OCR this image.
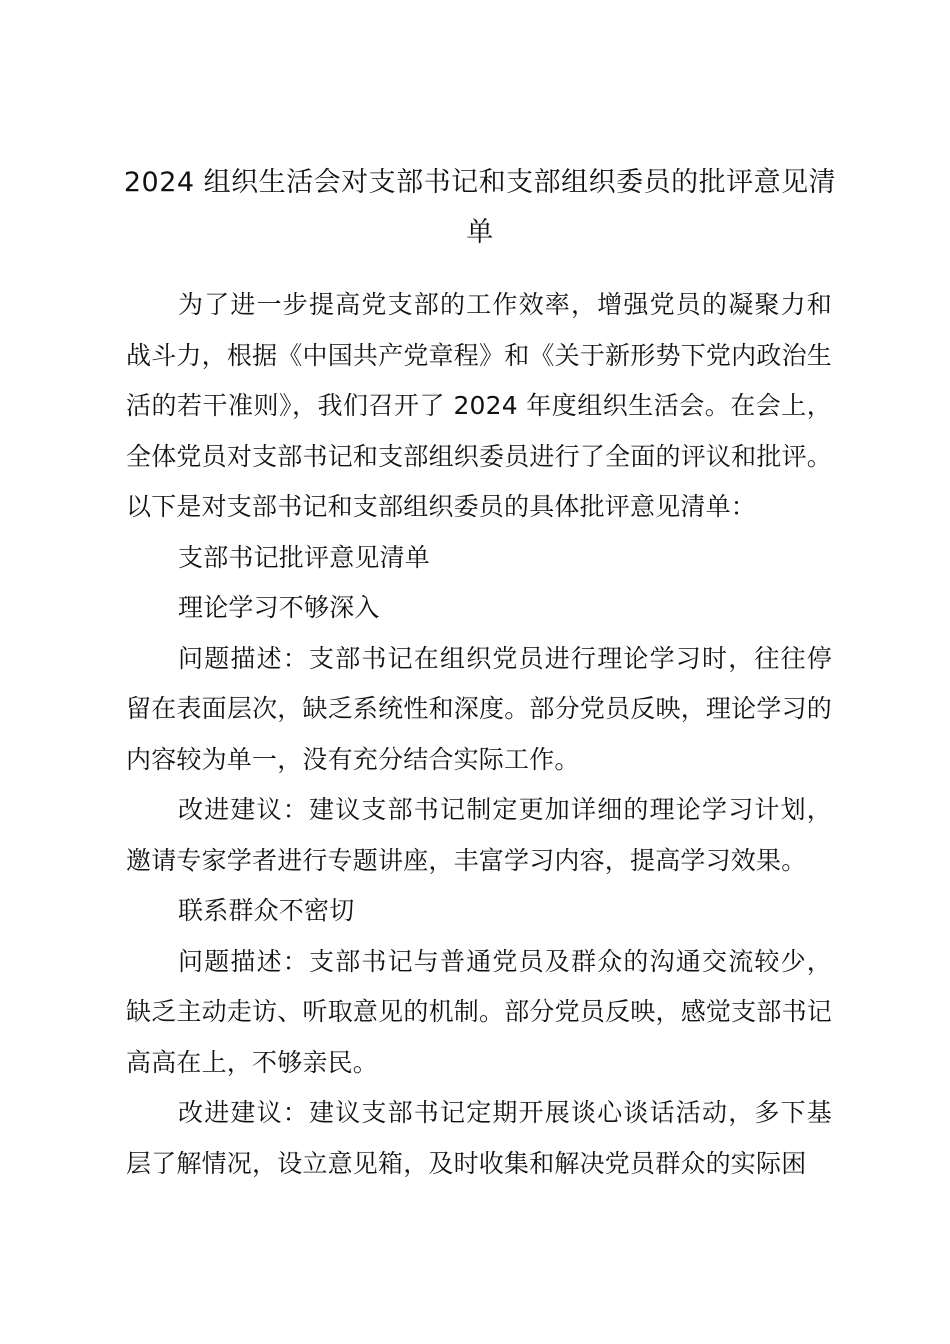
2024 组织生活会对支部书记和支部组织委员的批评意见清单

为了进一步提高党支部的工作效率，增强党员的凝聚力和战斗力，根据《中国共产党章程》和《关于新形势下党内政治生活的若干准则》，我们召开了 2024 年度组织生活会。在会上，全体党员对支部书记和支部组织委员进行了全面的评议和批评。以下是对支部书记和支部组织委员的具体批评意见清单：

支部书记批评意见清单

理论学习不够深入

问题描述：支部书记在组织党员进行理论学习时，往往停留在表面层次，缺乏系统性和深度。部分党员反映，理论学习的内容较为单一，没有充分结合实际工作。

改进建议：建议支部书记制定更加详细的理论学习计划，邀请专家学者进行专题讲座，丰富学习内容，提高学习效果。

联系群众不密切

问题描述：支部书记与普通党员及群众的沟通交流较少，缺乏主动走访、听取意见的机制。部分党员反映，感觉支部书记高高在上，不够亲民。

改进建议：建议支部书记定期开展谈心谈话活动，多下基层了解情况，设立意见箱，及时收集和解决党员群众的实际困
